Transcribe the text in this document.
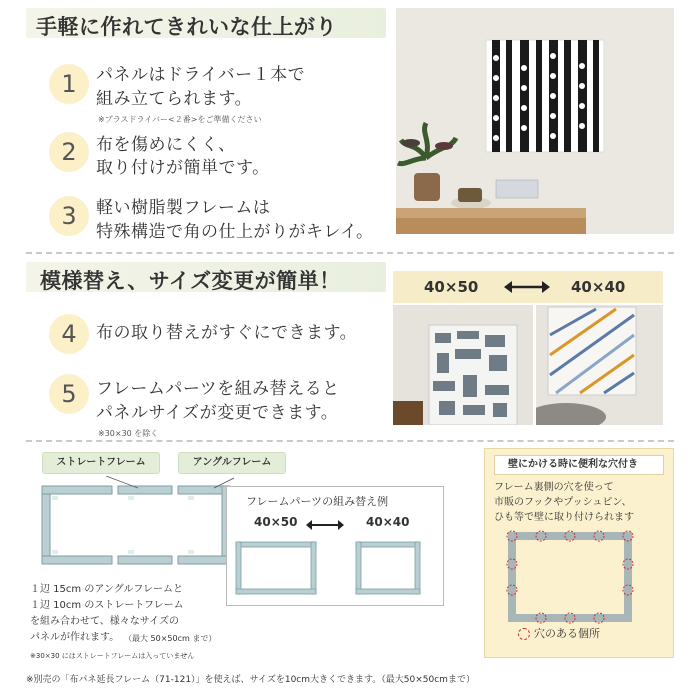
手軽に作れてきれいな仕上がり
1	パネルはドライバー１本で
組み立てられます。
※プラスドライバー<２番>をご準備ください
2	布を傷めにくく、
取り付けが簡単です。
3	軽い樹脂製フレームは
特殊構造で角の仕上がりがキレイ。
模様替え、サイズ変更が簡単！	40×50	40×40
4	布の取り替えがすぐにできます。
5	フレームパーツを組み替えると
パネルサイズが変更できます。
※30×30 を除く
ストレートフレーム	アングルフレーム
１辺 15cm のアングルフレームと
１辺 10cm のストレートフレーム
を組み合わせて、様々なサイズの
パネルが作れます。 （最大 50×50cm まで）
※30×30 にはストレートフレームは入っていません
フレームパーツの組み替え例
40×50	40×40
壁にかける時に便利な穴付き
フレーム裏側の穴を使って
市販のフックやプッシュピン、
ひも等で壁に取り付けられます
穴のある個所
※別売の「布パネ延長フレーム（71-121）」を使えば、サイズを10cm大きくできます。（最大50×50cmまで）
